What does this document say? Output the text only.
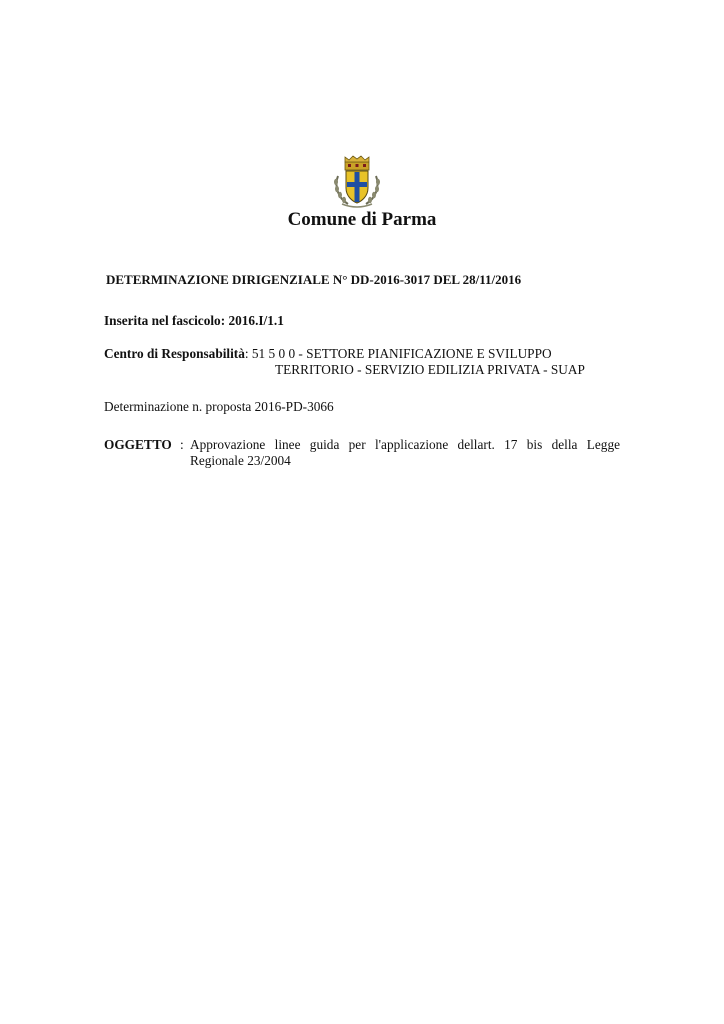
Comune di Parma
DETERMINAZIONE DIRIGENZIALE N° DD-2016-3017 DEL 28/11/2016
Inserita nel fascicolo: 2016.I/1.1
Centro di Responsabilità: 51 5 0 0 - SETTORE PIANIFICAZIONE E SVILUPPO
TERRITORIO - SERVIZIO EDILIZIA PRIVATA - SUAP
Determinazione n. proposta 2016-PD-3066
OGGETTO : Approvazione linee guida per l'applicazione dellart. 17 bis della Legge Regionale 23/2004
